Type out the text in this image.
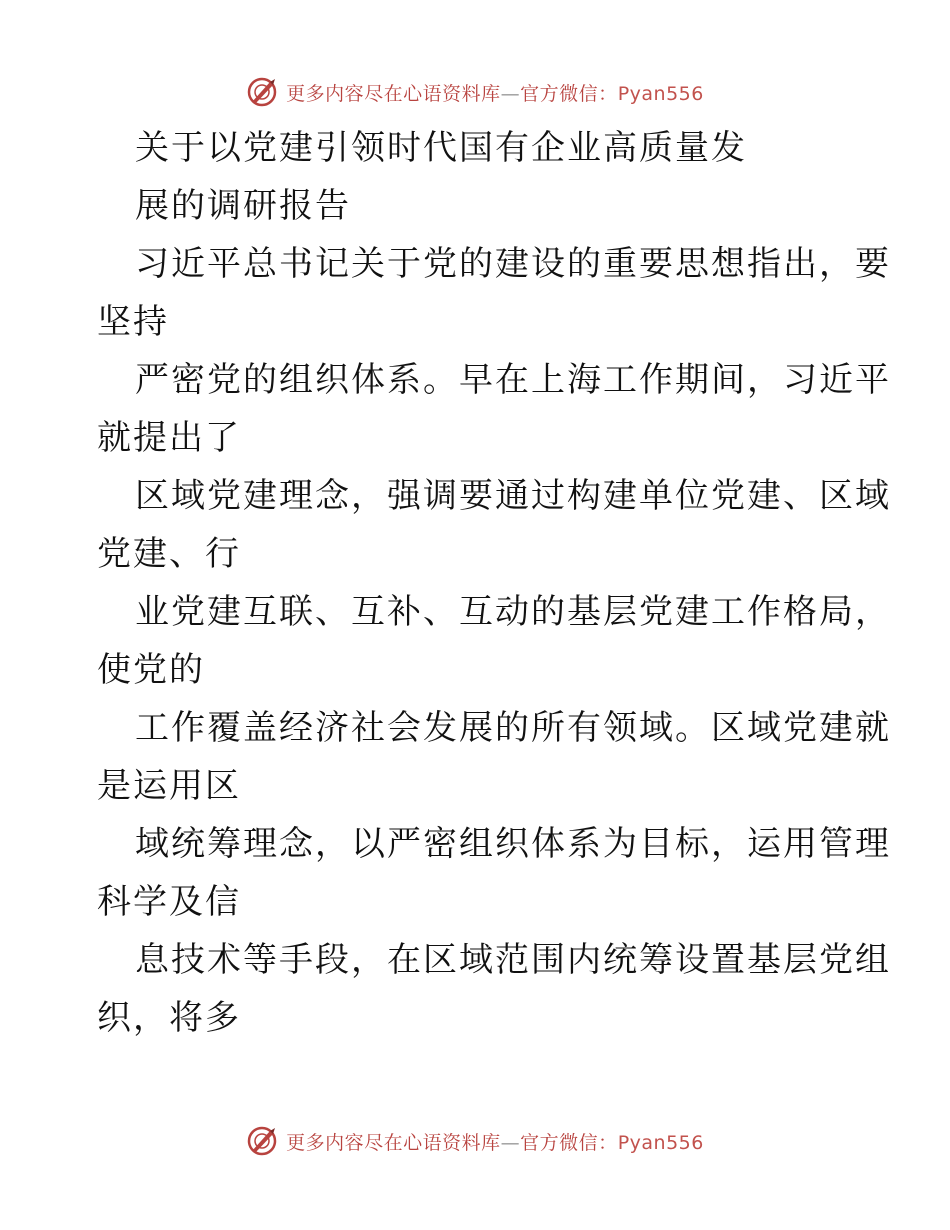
更多内容尽在心语资料库—官方微信：Pyan556
关于以党建引领时代国有企业高质量发
展的调研报告
习近平总书记关于党的建设的重要思想指出，要
坚持
严密党的组织体系。早在上海工作期间，习近平
就提出了
区域党建理念，强调要通过构建单位党建、区域
党建、行
业党建互联、互补、互动的基层党建工作格局，
使党的
工作覆盖经济社会发展的所有领域。区域党建就
是运用区
域统筹理念，以严密组织体系为目标，运用管理
科学及信
息技术等手段，在区域范围内统筹设置基层党组
织，将多
更多内容尽在心语资料库—官方微信：Pyan556
